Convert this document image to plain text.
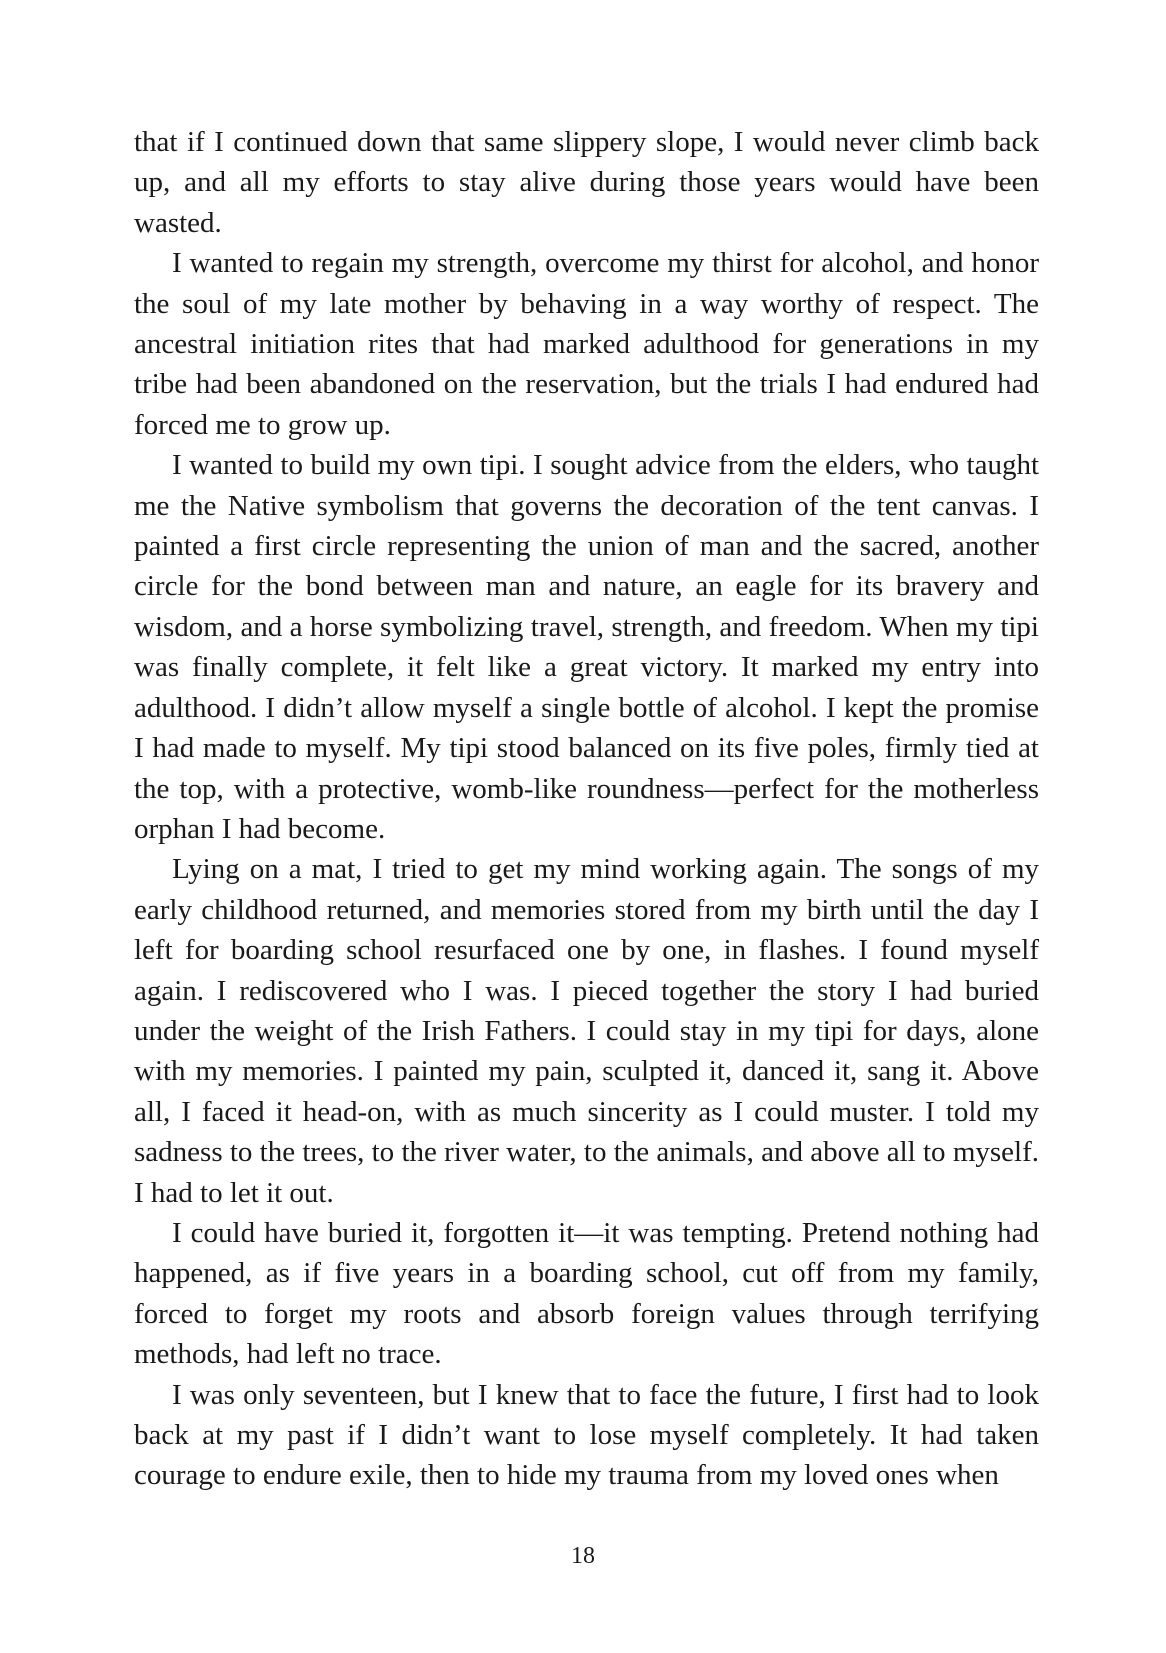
that if I continued down that same slippery slope, I would never climb back up, and all my efforts to stay alive during those years would have been wasted.

I wanted to regain my strength, overcome my thirst for alcohol, and honor the soul of my late mother by behaving in a way worthy of respect. The ancestral initiation rites that had marked adulthood for generations in my tribe had been abandoned on the reservation, but the trials I had endured had forced me to grow up.

I wanted to build my own tipi. I sought advice from the elders, who taught me the Native symbolism that governs the decoration of the tent canvas. I painted a first circle representing the union of man and the sacred, another circle for the bond between man and nature, an eagle for its bravery and wisdom, and a horse symbolizing travel, strength, and freedom. When my tipi was finally complete, it felt like a great victory. It marked my entry into adulthood. I didn’t allow myself a single bottle of alcohol. I kept the promise I had made to myself. My tipi stood balanced on its five poles, firmly tied at the top, with a protective, womb-like roundness—perfect for the motherless orphan I had become.

Lying on a mat, I tried to get my mind working again. The songs of my early childhood returned, and memories stored from my birth until the day I left for boarding school resurfaced one by one, in flashes. I found myself again. I rediscovered who I was. I pieced together the story I had buried under the weight of the Irish Fathers. I could stay in my tipi for days, alone with my memories. I painted my pain, sculpted it, danced it, sang it. Above all, I faced it head-on, with as much sincerity as I could muster. I told my sadness to the trees, to the river water, to the animals, and above all to myself. I had to let it out.

I could have buried it, forgotten it—it was tempting. Pretend nothing had happened, as if five years in a boarding school, cut off from my family, forced to forget my roots and absorb foreign values through terrifying methods, had left no trace.

I was only seventeen, but I knew that to face the future, I first had to look back at my past if I didn’t want to lose myself completely. It had taken courage to endure exile, then to hide my trauma from my loved ones when

18
